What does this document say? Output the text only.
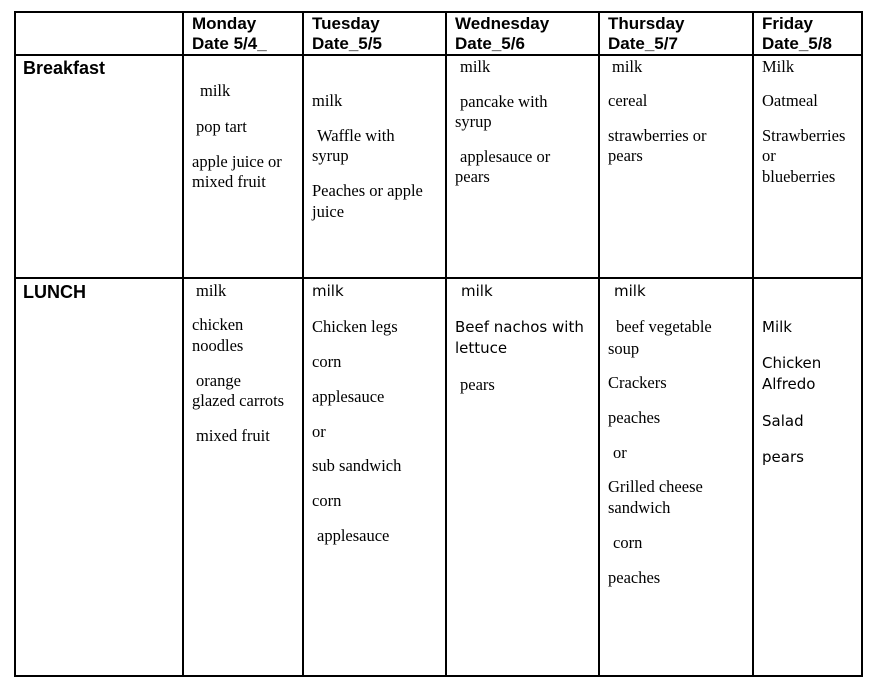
Monday
Date 5/4_
Tuesday
Date_5/5
Wednesday
Date_5/6
Thursday
Date_5/7
Friday
Date_5/8
Breakfast
LUNCH
milk
pop tart
apple juice or
mixed fruit
milk
Waffle with
syrup
Peaches or apple
juice
milk
pancake with
syrup
applesauce or
pears
milk
cereal
strawberries or
pears
Milk
Oatmeal
Strawberries
or
blueberries
milk
chicken
noodles
orange
glazed carrots
mixed fruit
milk
Chicken legs
corn
applesauce
or
sub sandwich
corn
applesauce
milk
Beef nachos with
lettuce
pears
milk
beef vegetable
soup
Crackers
peaches
or
Grilled cheese
sandwich
corn
peaches
Milk
Chicken
Alfredo
Salad
pears
